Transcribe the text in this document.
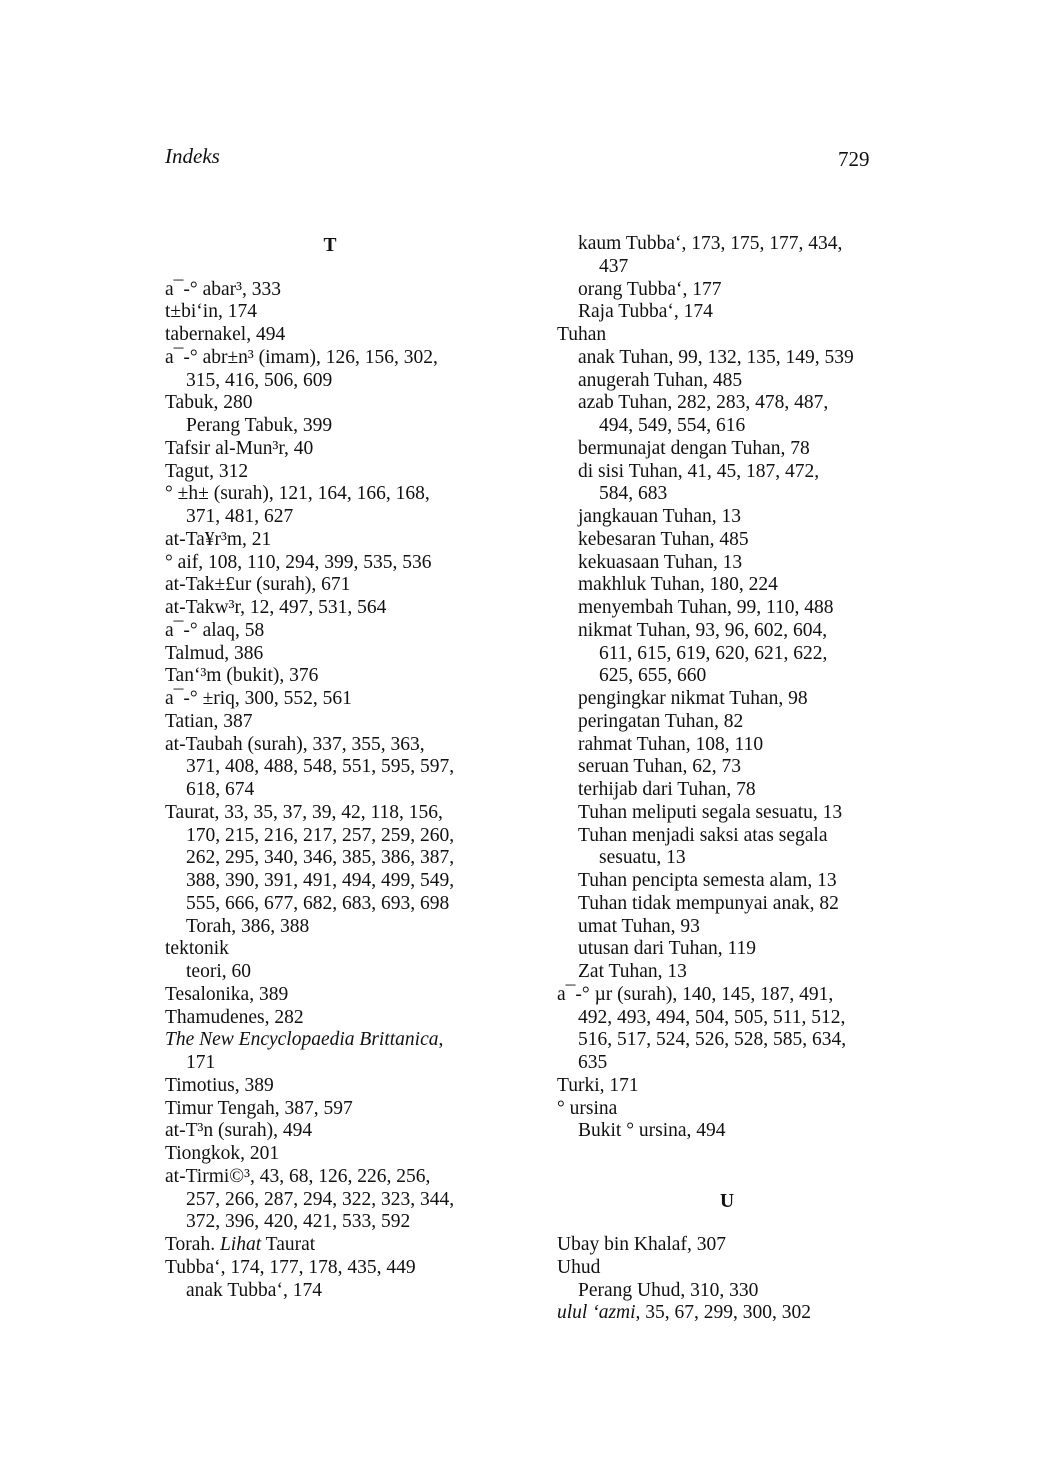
Indeks	729

T

a¯-° abar³, 333

t±bi‘in, 174

tabernakel, 494

a¯-° abr±n³ (imam), 126, 156, 302,

315, 416, 506, 609

Tabuk, 280

Perang Tabuk, 399

Tafsir al-Mun³r, 40

Tagut, 312

° ±h± (surah), 121, 164, 166, 168,

371, 481, 627

at-Ta¥r³m, 21

° aif, 108, 110, 294, 399, 535, 536

at-Tak±£ur (surah), 671

at-Takw³r, 12, 497, 531, 564

a¯-° alaq, 58

Talmud, 386

Tan‘³m (bukit), 376

a¯-° ±riq, 300, 552, 561

Tatian, 387

at-Taubah (surah), 337, 355, 363,

371, 408, 488, 548, 551, 595, 597,

618, 674

Taurat, 33, 35, 37, 39, 42, 118, 156,

170, 215, 216, 217, 257, 259, 260,

262, 295, 340, 346, 385, 386, 387,

388, 390, 391, 491, 494, 499, 549,

555, 666, 677, 682, 683, 693, 698

Torah, 386, 388

tektonik

teori, 60

Tesalonika, 389

Thamudenes, 282

The New Encyclopaedia Brittanica,

171

Timotius, 389

Timur Tengah, 387, 597

at-T³n (surah), 494

Tiongkok, 201

at-Tirmi©³, 43, 68, 126, 226, 256,

257, 266, 287, 294, 322, 323, 344,

372, 396, 420, 421, 533, 592

Torah. Lihat Taurat

Tubba‘, 174, 177, 178, 435, 449

anak Tubba‘, 174

kaum Tubba‘, 173, 175, 177, 434,

437

orang Tubba‘, 177

Raja Tubba‘, 174

Tuhan

anak Tuhan, 99, 132, 135, 149, 539

anugerah Tuhan, 485

azab Tuhan, 282, 283, 478, 487,

494, 549, 554, 616

bermunajat dengan Tuhan, 78

di sisi Tuhan, 41, 45, 187, 472,

584, 683

jangkauan Tuhan, 13

kebesaran Tuhan, 485

kekuasaan Tuhan, 13

makhluk Tuhan, 180, 224

menyembah Tuhan, 99, 110, 488

nikmat Tuhan, 93, 96, 602, 604,

611, 615, 619, 620, 621, 622,

625, 655, 660

pengingkar nikmat Tuhan, 98

peringatan Tuhan, 82

rahmat Tuhan, 108, 110

seruan Tuhan, 62, 73

terhijab dari Tuhan, 78

Tuhan meliputi segala sesuatu, 13

Tuhan menjadi saksi atas segala

sesuatu, 13

Tuhan pencipta semesta alam, 13

Tuhan tidak mempunyai anak, 82

umat Tuhan, 93

utusan dari Tuhan, 119

Zat Tuhan, 13

a¯-° µr (surah), 140, 145, 187, 491,

492, 493, 494, 504, 505, 511, 512,

516, 517, 524, 526, 528, 585, 634,

635

Turki, 171

° ursina

Bukit ° ursina, 494

U

Ubay bin Khalaf, 307

Uhud

Perang Uhud, 310, 330

ulul ‘azmi, 35, 67, 299, 300, 302
